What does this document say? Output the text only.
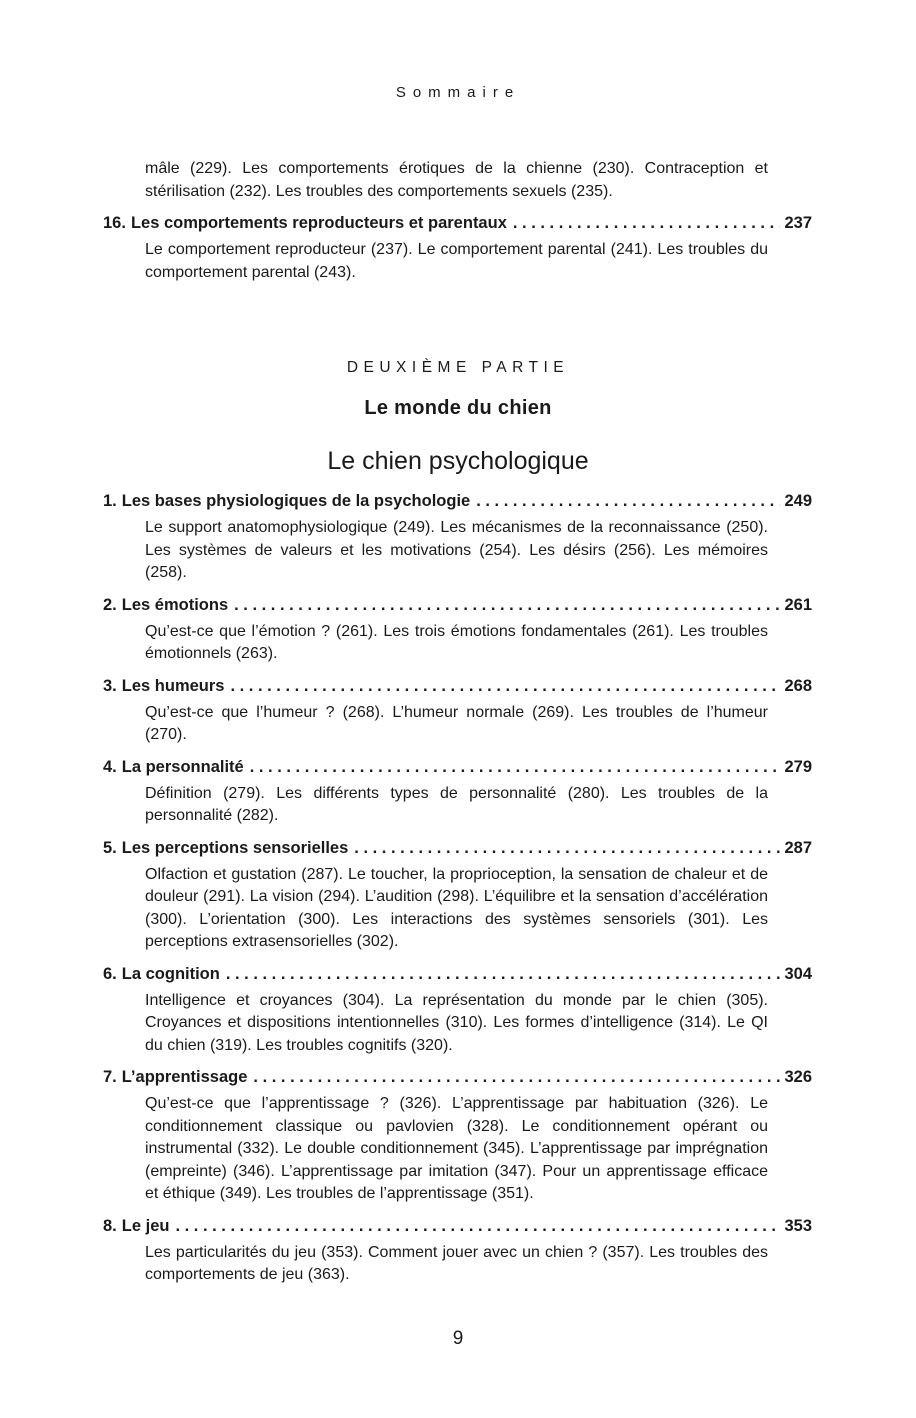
Sommaire
mâle (229). Les comportements érotiques de la chienne (230). Contraception et stérilisation (232). Les troubles des comportements sexuels (235).
16. Les comportements reproducteurs et parentaux . . .	237
Le comportement reproducteur (237). Le comportement parental (241). Les troubles du comportement parental (243).
DEUXIÈME PARTIE
Le monde du chien
Le chien psychologique
1. Les bases physiologiques de la psychologie . . .	249
Le support anatomophysiologique (249). Les mécanismes de la reconnaissance (250). Les systèmes de valeurs et les motivations (254). Les désirs (256). Les mémoires (258).
2. Les émotions . . .	261
Qu’est-ce que l’émotion ? (261). Les trois émotions fondamentales (261). Les troubles émotionnels (263).
3. Les humeurs . . .	268
Qu’est-ce que l’humeur ? (268). L’humeur normale (269). Les troubles de l’humeur (270).
4. La personnalité . . .	279
Définition (279). Les différents types de personnalité (280). Les troubles de la personnalité (282).
5. Les perceptions sensorielles . . .	287
Olfaction et gustation (287). Le toucher, la proprioception, la sensation de chaleur et de douleur (291). La vision (294). L’audition (298). L’équilibre et la sensation d’accélération (300). L’orientation (300). Les interactions des systèmes sensoriels (301). Les perceptions extrasensorielles (302).
6. La cognition . . .	304
Intelligence et croyances (304). La représentation du monde par le chien (305). Croyances et dispositions intentionnelles (310). Les formes d’intelligence (314). Le QI du chien (319). Les troubles cognitifs (320).
7. L’apprentissage . . .	326
Qu’est-ce que l’apprentissage ? (326). L’apprentissage par habituation (326). Le conditionnement classique ou pavlovien (328). Le conditionnement opérant ou instrumental (332). Le double conditionnement (345). L’apprentissage par imprégnation (empreinte) (346). L’apprentissage par imitation (347). Pour un apprentissage efficace et éthique (349). Les troubles de l’apprentissage (351).
8. Le jeu . . .	353
Les particularités du jeu (353). Comment jouer avec un chien ? (357). Les troubles des comportements de jeu (363).
9
